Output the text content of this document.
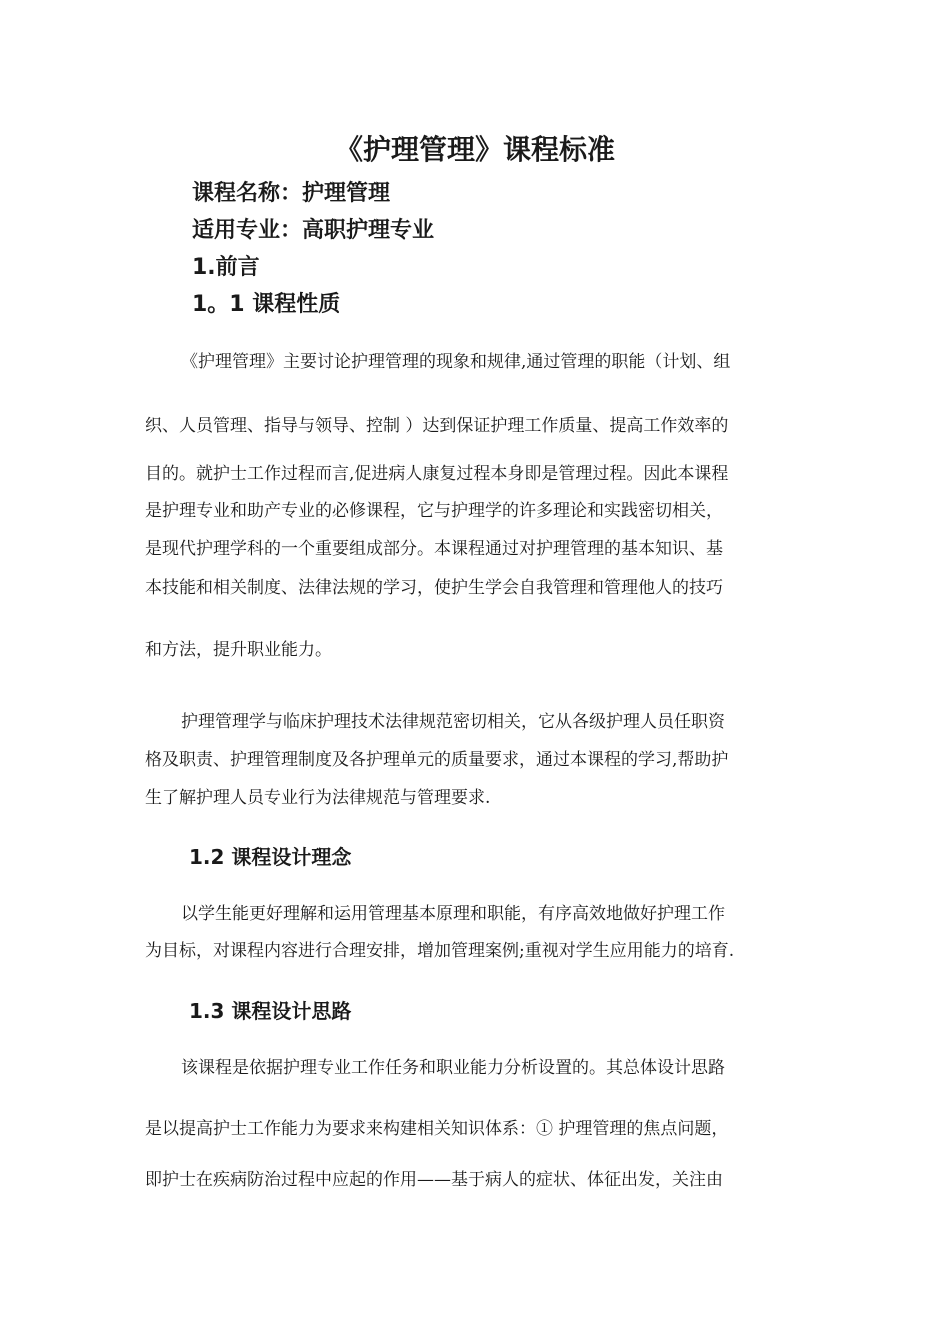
《护理管理》课程标准
课程名称：护理管理
适用专业：高职护理专业
1.前言
1。1 课程性质
《护理管理》主要讨论护理管理的现象和规律,通过管理的职能（计划、组
织、人员管理、指导与领导、控制 ）达到保证护理工作质量、提高工作效率的
目的。就护士工作过程而言,促进病人康复过程本身即是管理过程。因此本课程
是护理专业和助产专业的必修课程，它与护理学的许多理论和实践密切相关，
是现代护理学科的一个重要组成部分。本课程通过对护理管理的基本知识、基
本技能和相关制度、法律法规的学习，使护生学会自我管理和管理他人的技巧
和方法，提升职业能力。
护理管理学与临床护理技术法律规范密切相关，它从各级护理人员任职资
格及职责、护理管理制度及各护理单元的质量要求，通过本课程的学习,帮助护
生了解护理人员专业行为法律规范与管理要求.
1.2 课程设计理念
以学生能更好理解和运用管理基本原理和职能，有序高效地做好护理工作
为目标，对课程内容进行合理安排，增加管理案例;重视对学生应用能力的培育.
1.3 课程设计思路
该课程是依据护理专业工作任务和职业能力分析设置的。其总体设计思路
是以提高护士工作能力为要求来构建相关知识体系：① 护理管理的焦点问题，
即护士在疾病防治过程中应起的作用——基于病人的症状、体征出发，关注由
